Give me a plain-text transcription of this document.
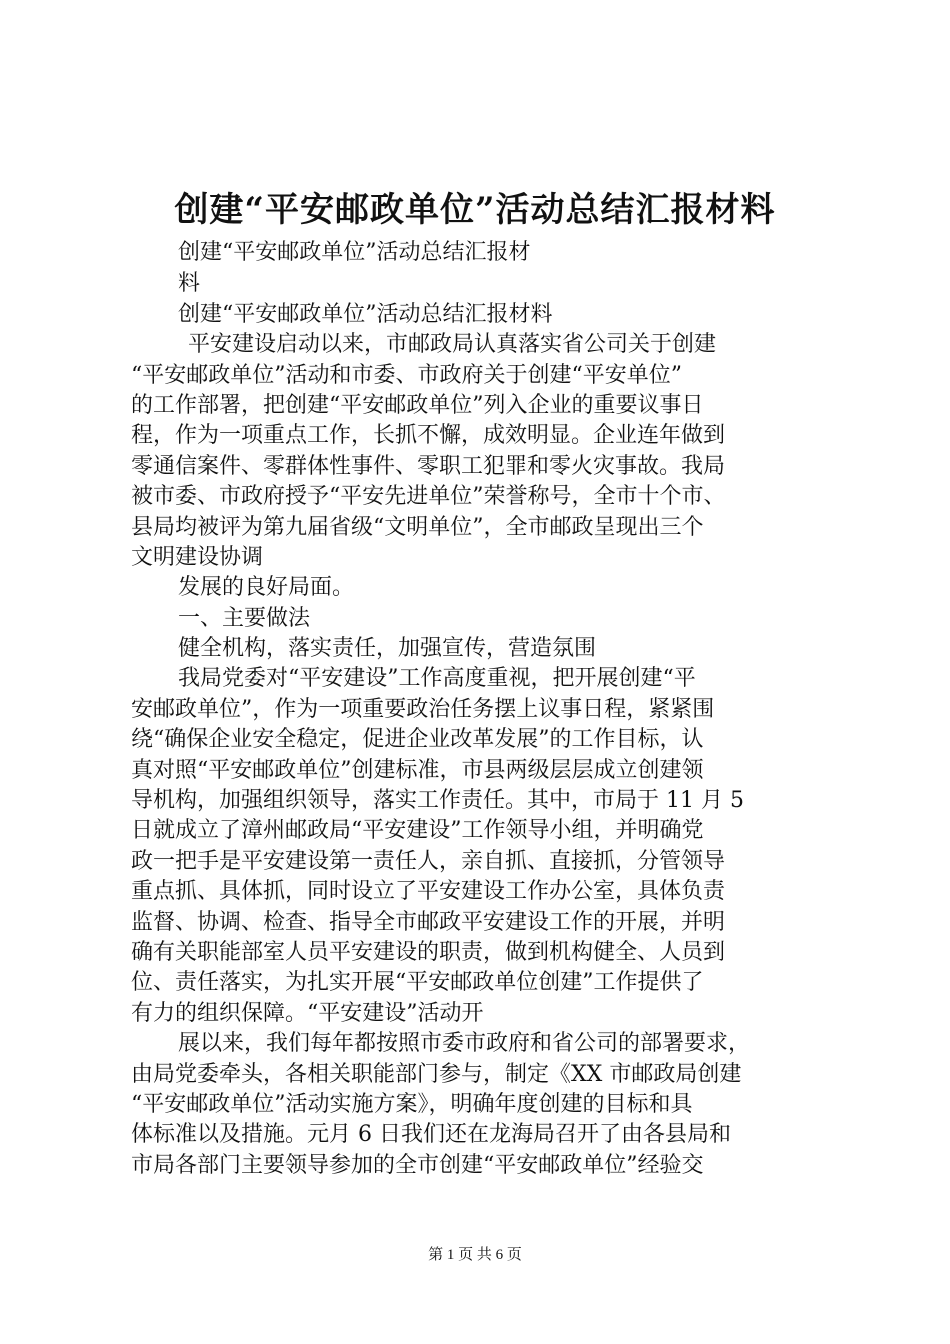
创建“平安邮政单位”活动总结汇报材料

创建“平安邮政单位”活动总结汇报材

料

创建“平安邮政单位”活动总结汇报材料

平安建设启动以来，市邮政局认真落实省公司关于创建

“平安邮政单位”活动和市委、市政府关于创建“平安单位”

的工作部署，把创建“平安邮政单位”列入企业的重要议事日

程，作为一项重点工作，长抓不懈，成效明显。企业连年做到

零通信案件、零群体性事件、零职工犯罪和零火灾事故。我局

被市委、市政府授予“平安先进单位”荣誉称号，全市十个市、

县局均被评为第九届省级“文明单位”，全市邮政呈现出三个

文明建设协调

发展的良好局面。

一、主要做法

健全机构，落实责任，加强宣传，营造氛围

我局党委对“平安建设”工作高度重视，把开展创建“平

安邮政单位”，作为一项重要政治任务摆上议事日程，紧紧围

绕“确保企业安全稳定，促进企业改革发展”的工作目标，认

真对照“平安邮政单位”创建标准，市县两级层层成立创建领

导机构，加强组织领导，落实工作责任。其中，市局于 11 月 5

日就成立了漳州邮政局“平安建设”工作领导小组，并明确党

政一把手是平安建设第一责任人，亲自抓、直接抓，分管领导

重点抓、具体抓，同时设立了平安建设工作办公室，具体负责

监督、协调、检查、指导全市邮政平安建设工作的开展，并明

确有关职能部室人员平安建设的职责，做到机构健全、人员到

位、责任落实，为扎实开展“平安邮政单位创建”工作提供了

有力的组织保障。“平安建设”活动开

展以来，我们每年都按照市委市政府和省公司的部署要求，

由局党委牵头，各相关职能部门参与，制定《XX 市邮政局创建

“平安邮政单位”活动实施方案》，明确年度创建的目标和具

体标准以及措施。元月 6 日我们还在龙海局召开了由各县局和

市局各部门主要领导参加的全市创建“平安邮政单位”经验交

第 1 页 共 6 页
